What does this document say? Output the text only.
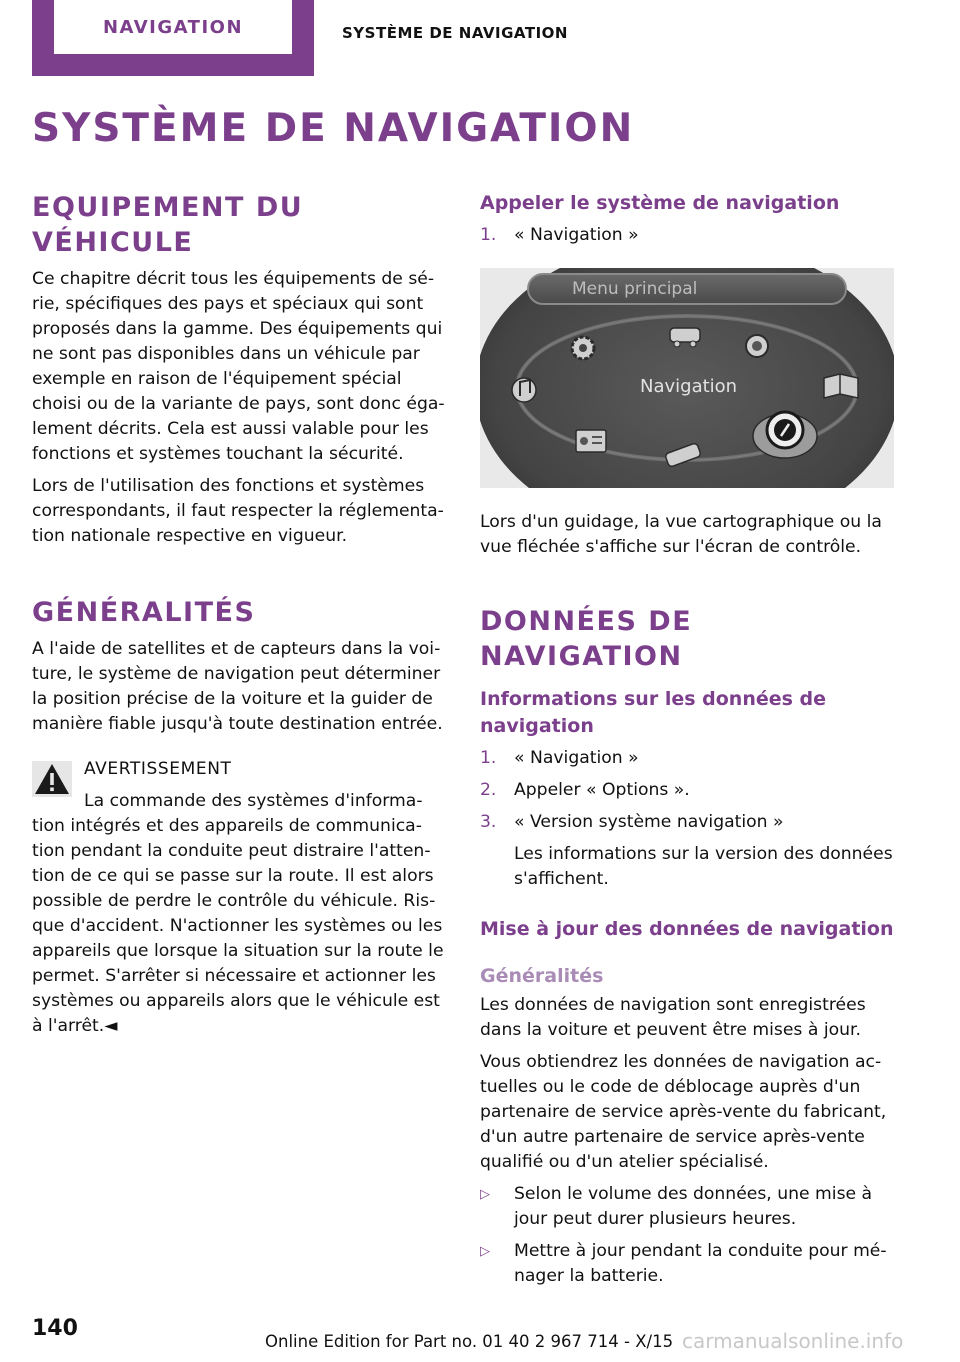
NAVIGATION	SYSTÈME DE NAVIGATION
SYSTÈME DE NAVIGATION
EQUIPEMENT DU VÉHICULE

Ce chapitre décrit tous les équipements de sé‐

rie, spécifiques des pays et spéciaux qui sont

proposés dans la gamme. Des équipements qui

ne sont pas disponibles dans un véhicule par

exemple en raison de l'équipement spécial

choisi ou de la variante de pays, sont donc éga‐

lement décrits. Cela est aussi valable pour les

fonctions et systèmes touchant la sécurité.

Lors de l'utilisation des fonctions et systèmes

correspondants, il faut respecter la réglementa‐

tion nationale respective en vigueur.

GÉNÉRALITÉS

A l'aide de satellites et de capteurs dans la voi‐

ture, le système de navigation peut déterminer

la position précise de la voiture et la guider de

manière fiable jusqu'à toute destination entrée.

AVERTISSEMENT

La commande des systèmes d'informa‐

tion intégrés et des appareils de communica‐

tion pendant la conduite peut distraire l'atten‐

tion de ce qui se passe sur la route. Il est alors

possible de perdre le contrôle du véhicule. Ris‐

que d'accident. N'actionner les systèmes ou les

appareils que lorsque la situation sur la route le

permet. S'arrêter si nécessaire et actionner les

systèmes ou appareils alors que le véhicule est

à l'arrêt.◄

Appeler le système de navigation
1.	« Navigation »
Menu principal
Navigation

Lors d'un guidage, la vue cartographique ou la

vue fléchée s'affiche sur l'écran de contrôle.

DONNÉES DE NAVIGATION
Informations sur les données de navigation
1.	« Navigation »
2.	Appeler « Options ».
3.	« Version système navigation »
Les informations sur la version des données
s'affichent.
Mise à jour des données de navigation
Généralités

Les données de navigation sont enregistrées

dans la voiture et peuvent être mises à jour.

Vous obtiendrez les données de navigation ac‐

tuelles ou le code de déblocage auprès d'un

partenaire de service après-vente du fabricant,

d'un autre partenaire de service après-vente

qualifié ou d'un atelier spécialisé.

▷	Selon le volume des données, une mise à
jour peut durer plusieurs heures.
▷	Mettre à jour pendant la conduite pour mé‐
nager la batterie.
140
Online Edition for Part no. 01 40 2 967 714 - X/15 carmanualsonline.info
